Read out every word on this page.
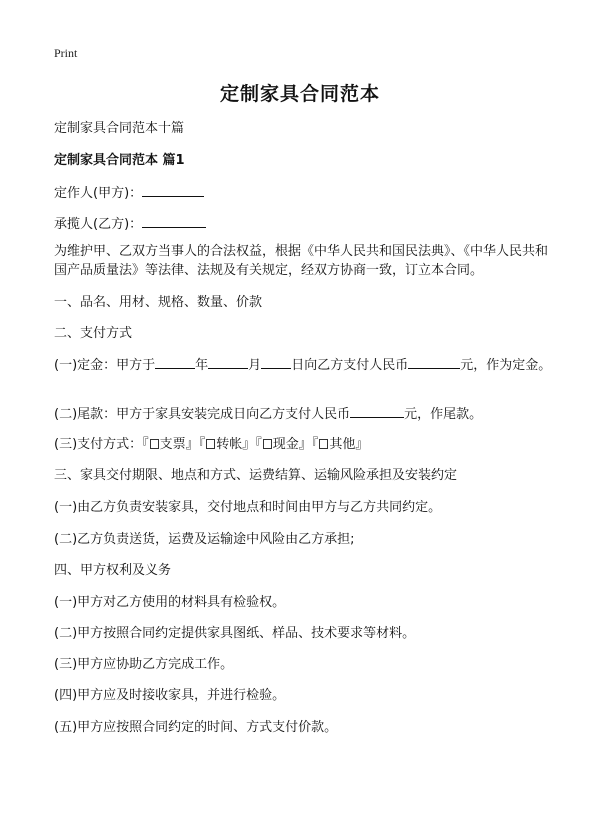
Print
定制家具合同范本
定制家具合同范本十篇
定制家具合同范本 篇1
定作人(甲方)：
承揽人(乙方)：
为维护甲、乙双方当事人的合法权益，根据《中华人民共和国民法典》、《中华人民共和国产品质量法》等法律、法规及有关规定，经双方协商一致，订立本合同。
一、品名、用材、规格、数量、价款
二、支付方式
(一)定金：甲方于	年	月 日向乙方支付人民币	元，作为定金。
(二)尾款：甲方于家具安装完成日向乙方支付人民币	元，作尾款。
(三)支付方式：『 支票』『 转帐』『 现金』『 其他』
三、家具交付期限、地点和方式、运费结算、运输风险承担及安装约定
(一)由乙方负责安装家具，交付地点和时间由甲方与乙方共同约定。
(二)乙方负责送货，运费及运输途中风险由乙方承担;
四、甲方权利及义务
(一)甲方对乙方使用的材料具有检验权。
(二)甲方按照合同约定提供家具图纸、样品、技术要求等材料。
(三)甲方应协助乙方完成工作。
(四)甲方应及时接收家具，并进行检验。
(五)甲方应按照合同约定的时间、方式支付价款。
